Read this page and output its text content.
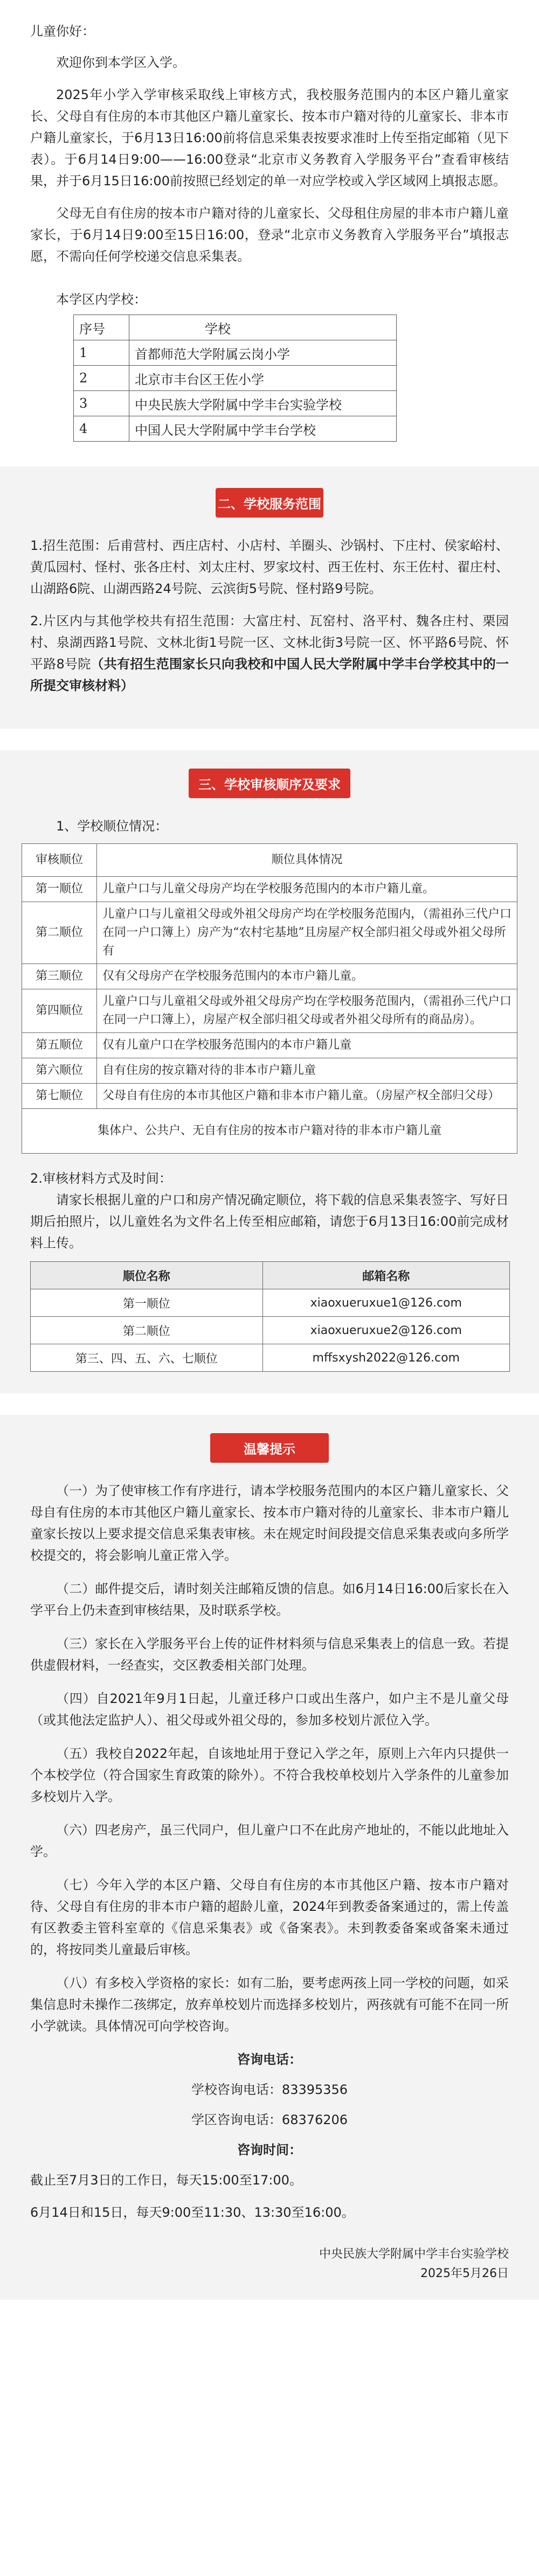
儿童你好：

欢迎你到本学区入学。

2025年小学入学审核采取线上审核方式，我校服务范围内的本区户籍儿童家长、父母自有住房的本市其他区户籍儿童家长、按本市户籍对待的儿童家长、非本市户籍儿童家长，于6月13日16:00前将信息采集表按要求准时上传至指定邮箱（见下表）。于6月14日9:00——16:00登录“北京市义务教育入学服务平台”查看审核结果，并于6月15日16:00前按照已经划定的单一对应学校或入学区域网上填报志愿。

父母无自有住房的按本市户籍对待的儿童家长、父母租住房屋的非本市户籍儿童家长，于6月14日9:00至15日16:00，登录“北京市义务教育入学服务平台”填报志愿，不需向任何学校递交信息采集表。

本学区内学校：

序号	学校
1	首都师范大学附属云岗小学
2	北京市丰台区王佐小学
3	中央民族大学附属中学丰台实验学校
4	中国人民大学附属中学丰台学校
二、学校服务范围

1.招生范围：后甫营村、西庄店村、小店村、羊圈头、沙锅村、下庄村、侯家峪村、黄瓜园村、怪村、张各庄村、刘太庄村、罗家坟村、西王佐村、东王佐村、翟庄村、山湖路6院、山湖西路24号院、云滨街5号院、怪村路9号院。

2.片区内与其他学校共有招生范围：大富庄村、瓦窑村、洛平村、魏各庄村、栗园村、泉湖西路1号院、文林北街1号院一区、文林北街3号院一区、怀平路6号院、怀平路8号院（共有招生范围家长只向我校和中国人民大学附属中学丰台学校其中的一所提交审核材料）

三、学校审核顺序及要求

1、学校顺位情况：

审核顺位	顺位具体情况
第一顺位	儿童户口与儿童父母房产均在学校服务范围内的本市户籍儿童。
第二顺位	儿童户口与儿童祖父母或外祖父母房产均在学校服务范围内，（需祖孙三代户口在同一户口簿上）房产为“农村宅基地”且房屋产权全部归祖父母或外祖父母所有
第三顺位	仅有父母房产在学校服务范围内的本市户籍儿童。
第四顺位	儿童户口与儿童祖父母或外祖父母房产均在学校服务范围内，（需祖孙三代户口在同一户口簿上），房屋产权全部归祖父母或者外祖父母所有的商品房）。
第五顺位	仅有儿童户口在学校服务范围内的本市户籍儿童
第六顺位	自有住房的按京籍对待的非本市户籍儿童
第七顺位	父母自有住房的本市其他区户籍和非本市户籍儿童。（房屋产权全部归父母）
集体户、公共户、无自有住房的按本市户籍对待的非本市户籍儿童	

2.审核材料方式及时间：

请家长根据儿童的户口和房产情况确定顺位，将下载的信息采集表签字、写好日期后拍照片，以儿童姓名为文件名上传至相应邮箱，请您于6月13日16:00前完成材料上传。

顺位名称	邮箱名称
第一顺位	xiaoxueruxue1@126.com
第二顺位	xiaoxueruxue2@126.com
第三、四、五、六、七顺位	mffsxysh2022@126.com
温馨提示

（一）为了使审核工作有序进行，请本学校服务范围内的本区户籍儿童家长、父母自有住房的本市其他区户籍儿童家长、按本市户籍对待的儿童家长、非本市户籍儿童家长按以上要求提交信息采集表审核。未在规定时间段提交信息采集表或向多所学校提交的，将会影响儿童正常入学。

（二）邮件提交后，请时刻关注邮箱反馈的信息。如6月14日16:00后家长在入学平台上仍未查到审核结果，及时联系学校。

（三）家长在入学服务平台上传的证件材料须与信息采集表上的信息一致。若提供虚假材料，一经查实，交区教委相关部门处理。

（四）自2021年9月1日起，儿童迁移户口或出生落户，如户主不是儿童父母（或其他法定监护人）、祖父母或外祖父母的，参加多校划片派位入学。

（五）我校自2022年起，自该地址用于登记入学之年，原则上六年内只提供一个本校学位（符合国家生育政策的除外）。不符合我校单校划片入学条件的儿童参加多校划片入学。

（六）四老房产，虽三代同户，但儿童户口不在此房产地址的，不能以此地址入学。

（七）今年入学的本区户籍、父母自有住房的本市其他区户籍、按本市户籍对待、父母自有住房的非本市户籍的超龄儿童，2024年到教委备案通过的，需上传盖有区教委主管科室章的《信息采集表》或《备案表》。未到教委备案或备案未通过的，将按同类儿童最后审核。

（八）有多校入学资格的家长：如有二胎，要考虑两孩上同一学校的问题，如采集信息时未操作二孩绑定，放弃单校划片而选择多校划片，两孩就有可能不在同一所小学就读。具体情况可向学校咨询。

咨询电话：

学校咨询电话：83395356

学区咨询电话：68376206

咨询时间：

截止至7月3日的工作日，每天15:00至17:00。

6月14日和15日，每天9:00至11:30、13:30至16:00。

中央民族大学附属中学丰台实验学校
2025年5月26日
